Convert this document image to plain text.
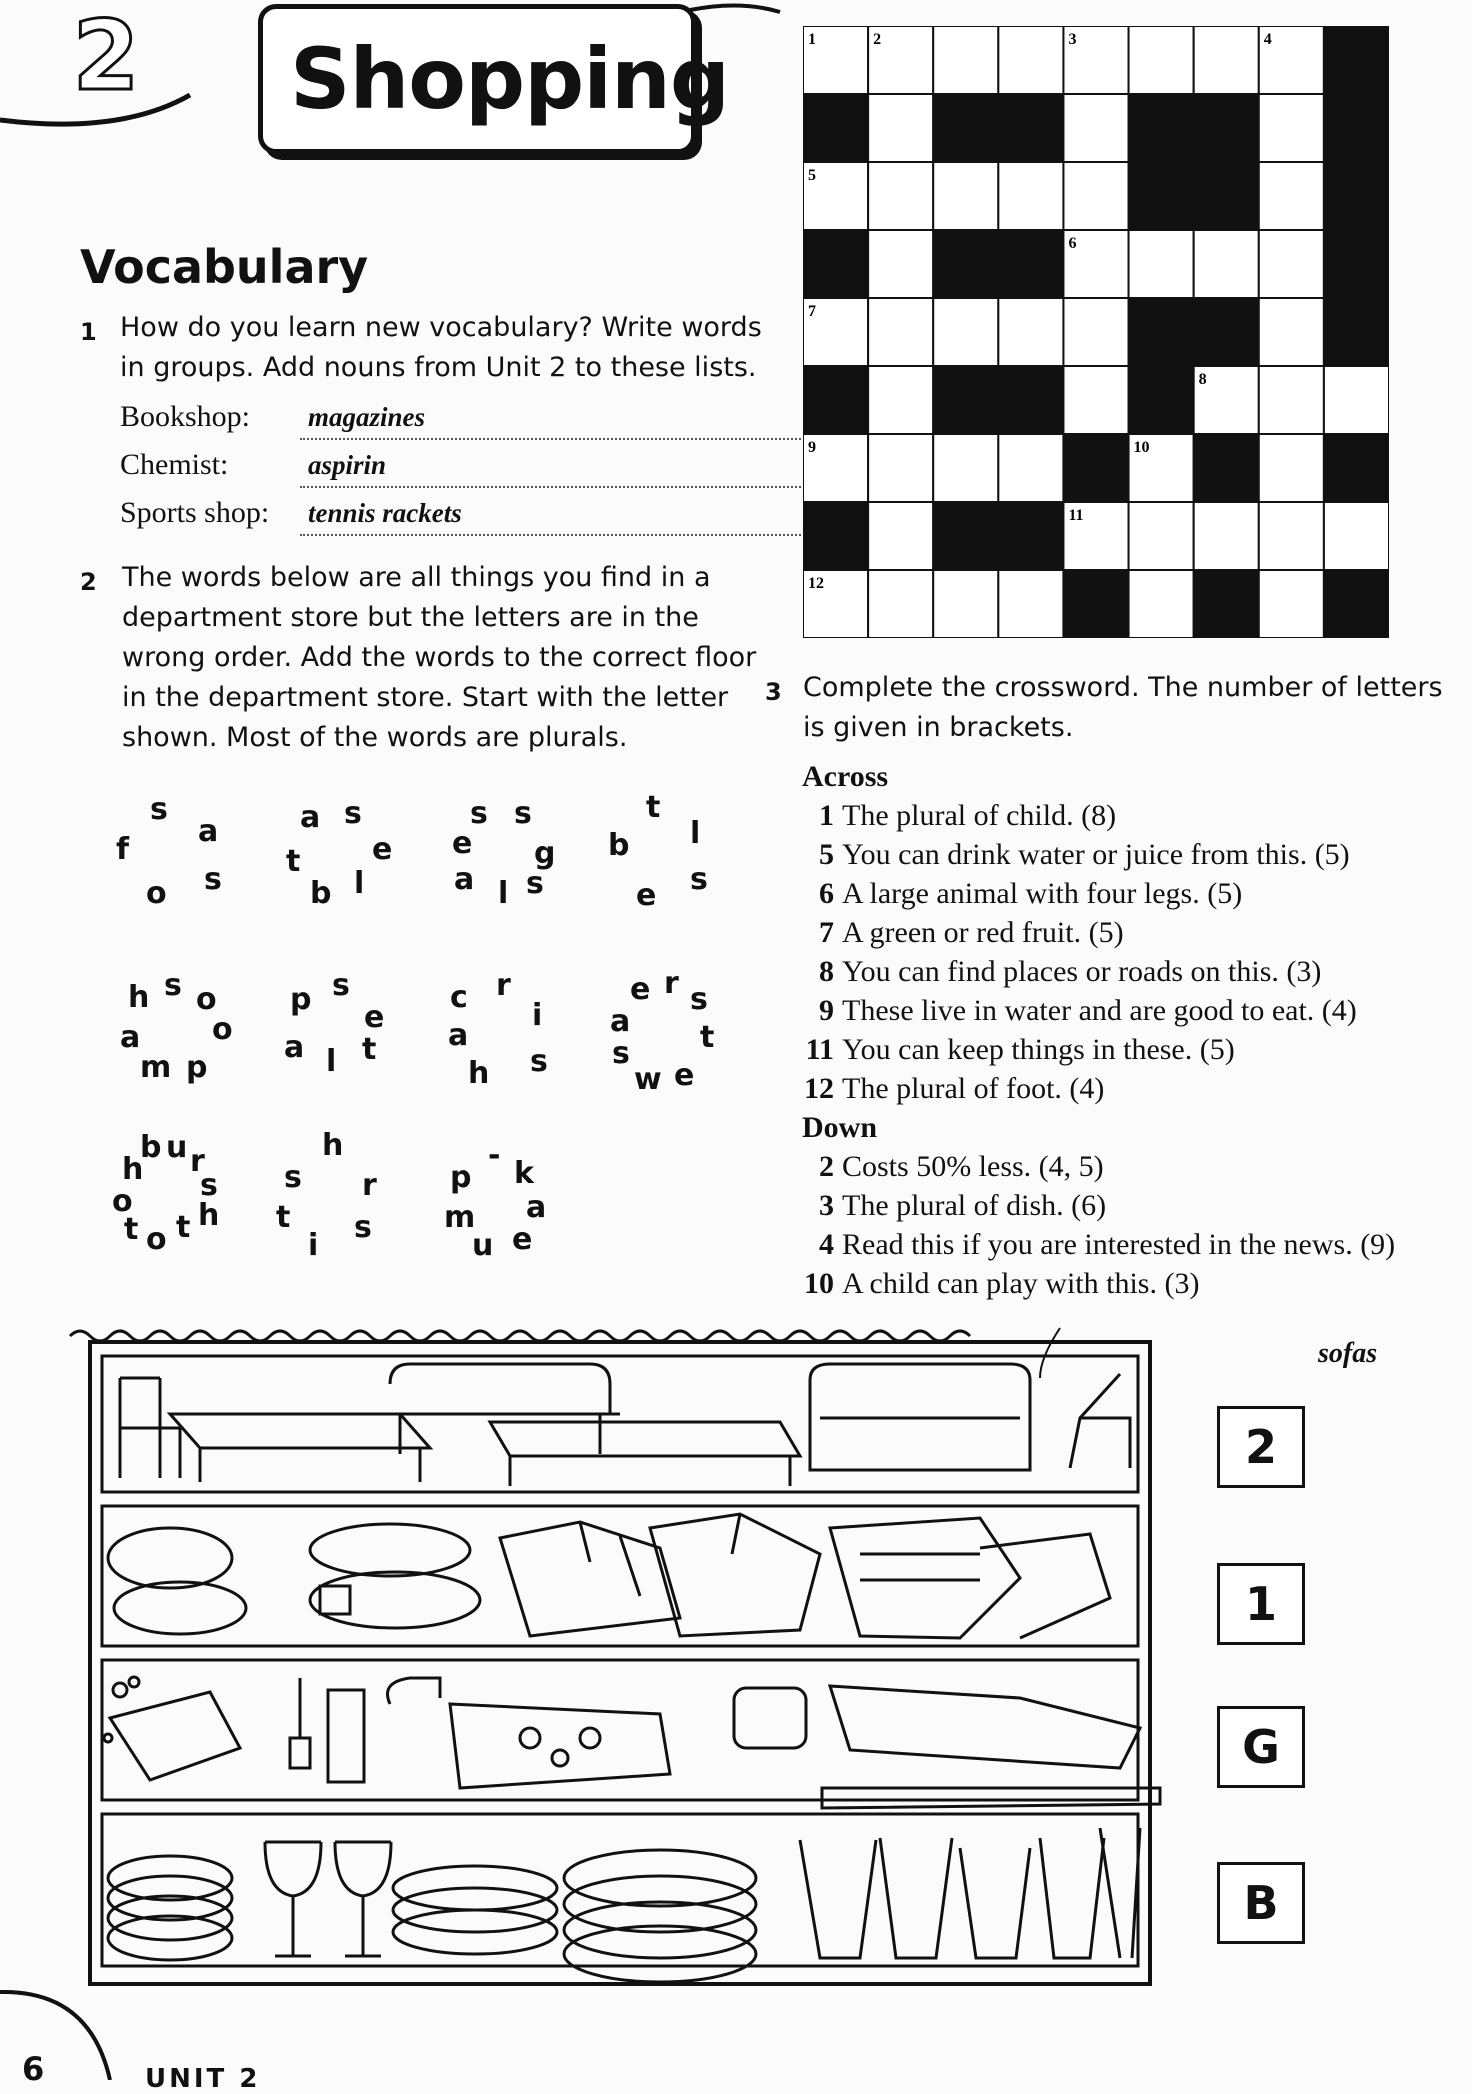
2 Shopping
Vocabulary
1 How do you learn new vocabulary? Write words
in groups. Add nouns from Unit 2 to these lists.
Bookshop: magazines
Chemist:	aspirin
Sports shop: tennis rackets
2 The words below are all things you find in a
department store but the letters are in the
wrong order. Add the words to the correct floor
in the department store. Start with the letter
shown. Most of the words are plurals.
s
a
f
o s
a s
t e
b l
s s
e g
a l s
t
b l
e s
h s o
a o
m p
p s
e
a l t
c r
i
a
h s
e r s
a t
s
w e
h
b u r
s
o h
t o t
s
h
r
t
i
s
p
-
k
m a
u e
1	2	3	4
5
6
7
8
9	10
11
12
3 Complete the crossword. The number of letters
is given in brackets.
Across
1 The plural of child. (8)
5 You can drink water or juice from this. (5)
6 A large animal with four legs. (5)
7 A green or red fruit. (5)
8 You can find places or roads on this. (3)
9 These live in water and are good to eat. (4)
11 You can keep things in these. (5)
12 The plural of foot. (4)
Down
2 Costs 50% less. (4, 5)
3 The plural of dish. (6)
4 Read this if you are interested in the news. (9)
10 A child can play with this. (3)
sofas
2
1
G
B
6	UNIT 2
